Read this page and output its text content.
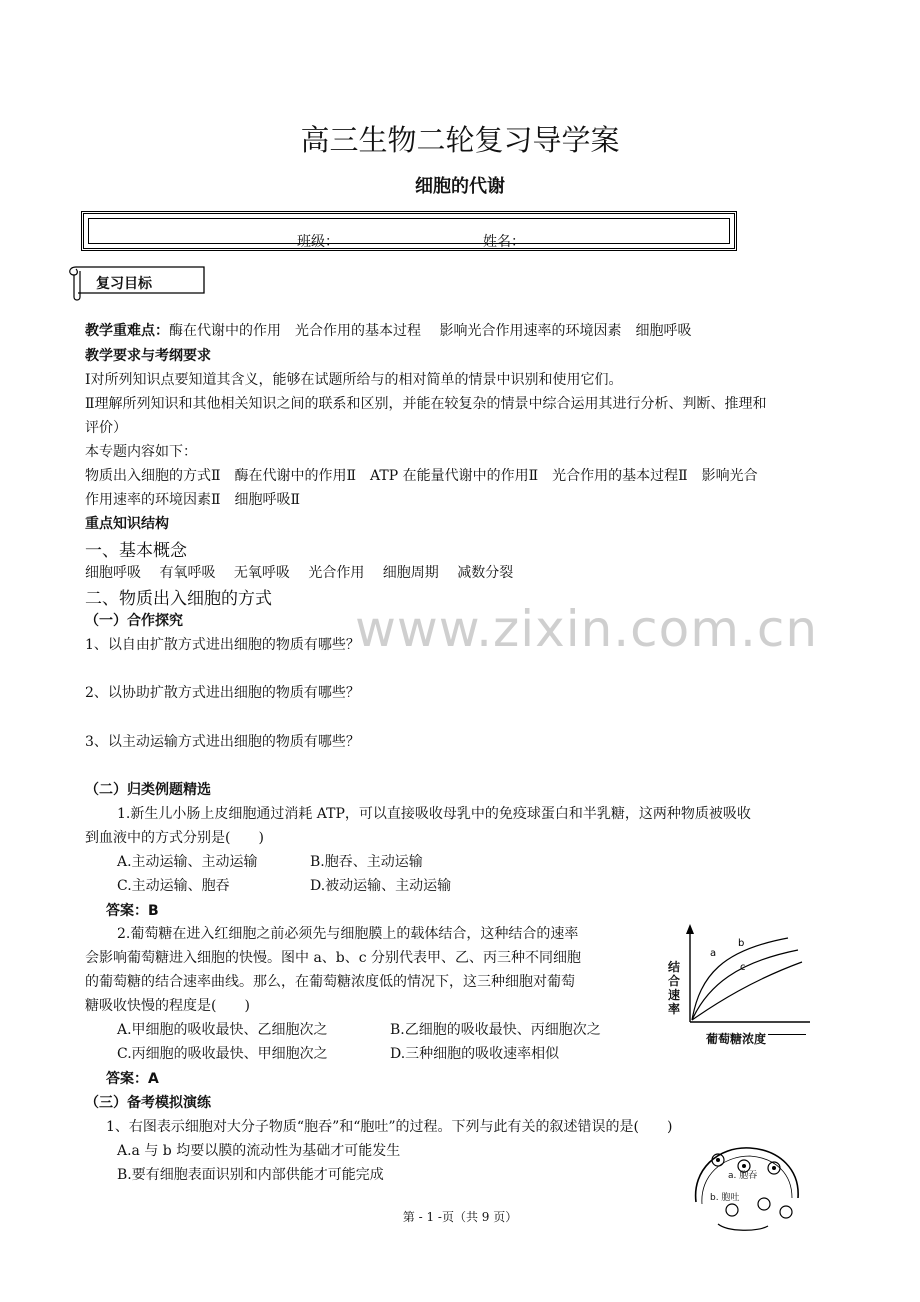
高三生物二轮复习导学案
细胞的代谢
班级：	姓名：
复习目标
教学重难点：酶在代谢中的作用　光合作用的基本过程　 影响光合作用速率的环境因素　细胞呼吸
教学要求与考纲要求
Ⅰ对所列知识点要知道其含义，能够在试题所给与的相对简单的情景中识别和使用它们。
Ⅱ理解所列知识和其他相关知识之间的联系和区别，并能在较复杂的情景中综合运用其进行分析、判断、推理和
评价）
本专题内容如下：
物质出入细胞的方式Ⅱ　酶在代谢中的作用Ⅱ　ATP 在能量代谢中的作用Ⅱ　光合作用的基本过程Ⅱ　影响光合
作用速率的环境因素Ⅱ　细胞呼吸Ⅱ
重点知识结构
一、基本概念
细胞呼吸　 有氧呼吸　 无氧呼吸　 光合作用　 细胞周期　 减数分裂
二、物质出入细胞的方式
（一）合作探究
1、以自由扩散方式进出细胞的物质有哪些？
2、以协助扩散方式进出细胞的物质有哪些？
3、以主动运输方式进出细胞的物质有哪些？
www.zixin.com.cn
（二）归类例题精选
1.新生儿小肠上皮细胞通过消耗 ATP，可以直接吸收母乳中的免疫球蛋白和半乳糖，这两种物质被吸收
到血液中的方式分别是(　　)
A.主动运输、主动运输	B.胞吞、主动运输
C.主动运输、胞吞	D.被动运输、主动运输
答案：B
2.葡萄糖在进入红细胞之前必须先与细胞膜上的载体结合，这种结合的速率
会影响葡萄糖进入细胞的快慢。图中 a、b、c 分别代表甲、乙、丙三种不同细胞
的葡萄糖的结合速率曲线。那么，在葡萄糖浓度低的情况下，这三种细胞对葡萄
糖吸收快慢的程度是(　　)
A.甲细胞的吸收最快、乙细胞次之	B.乙细胞的吸收最快、丙细胞次之
C.丙细胞的吸收最快、甲细胞次之	D.三种细胞的吸收速率相似
答案：A
a
b
c
结合速率
葡萄糖浓度
（三）备考模拟演练
1、右图表示细胞对大分子物质“胞吞”和“胞吐”的过程。下列与此有关的叙述错误的是(　　)
A.a 与 b 均要以膜的流动性为基础才可能发生
B.要有细胞表面识别和内部供能才可能完成	a. 胞吞
b. 胞吐
第 - 1 -页（共 9 页）
